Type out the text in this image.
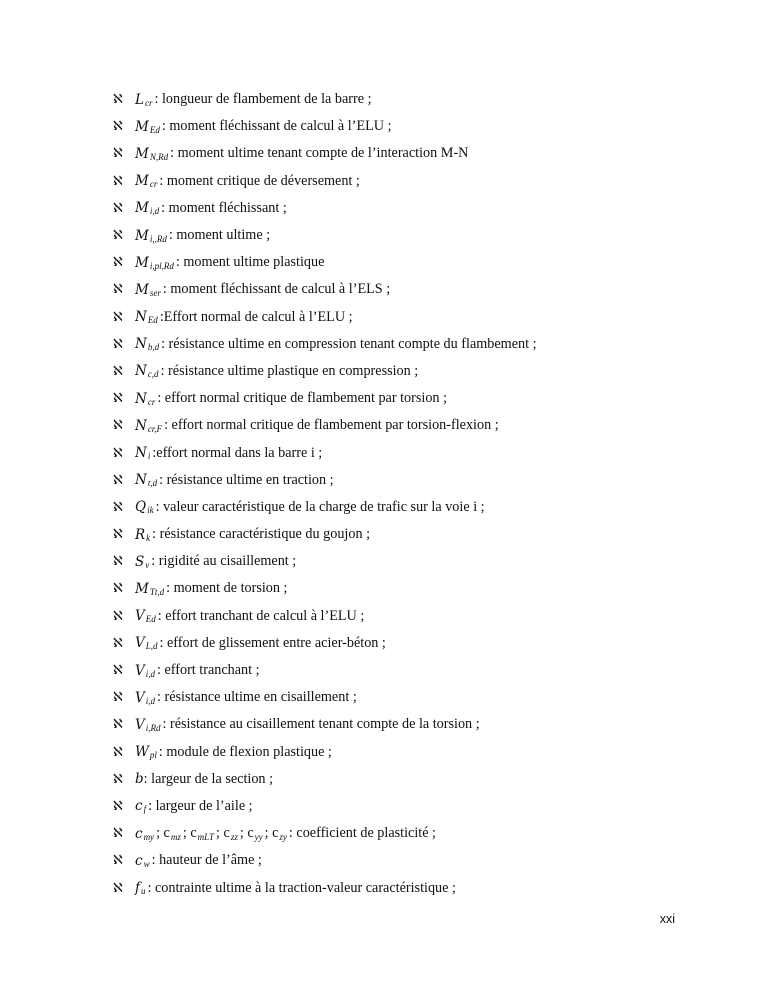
ℵ L cr : longueur de flambement de la barre ;
ℵ M Ed : moment fléchissant de calcul à l’ELU ;
ℵ M N,Rd : moment ultime tenant compte de l’interaction M-N
ℵ M cr : moment critique de déversement ;
ℵ M i,d : moment fléchissant ;
ℵ M i,,Rd : moment ultime ;
ℵ M i,pl,Rd : moment ultime plastique
ℵ M ser : moment fléchissant de calcul à l’ELS ;
ℵ N Ed :Effort normal de calcul à l’ELU ;
ℵ N b,d : résistance ultime en compression tenant compte du flambement ;
ℵ N c,d : résistance ultime plastique en compression ;
ℵ N cr : effort normal critique de flambement par torsion ;
ℵ N cr,F : effort normal critique de flambement par torsion-flexion ;
ℵ N i :effort normal dans la barre i ;
ℵ N t,d : résistance ultime en traction ;
ℵ Q ik : valeur caractéristique de la charge de trafic sur la voie i ;
ℵ R k : résistance caractéristique du goujon ;
ℵ S v : rigidité au cisaillement ;
ℵ M Tt,d : moment de torsion ;
ℵ V Ed : effort tranchant de calcul à l’ELU ;
ℵ V L,d : effort de glissement entre acier-béton ;
ℵ V i,d : effort tranchant ;
ℵ V i,d : résistance ultime en cisaillement ;
ℵ V i,Rd : résistance au cisaillement tenant compte de la torsion ;
ℵ W pl : module de flexion plastique ;
ℵ b : largeur de la section ;
ℵ c f : largeur de l’aile ;
ℵ c my ; c mz ; c mLT ; c zz ; c yy ; c zy : coefficient de plasticité ;
ℵ c w : hauteur de l’âme ;
ℵ f u : contrainte ultime à la traction-valeur caractéristique ;
xxi
